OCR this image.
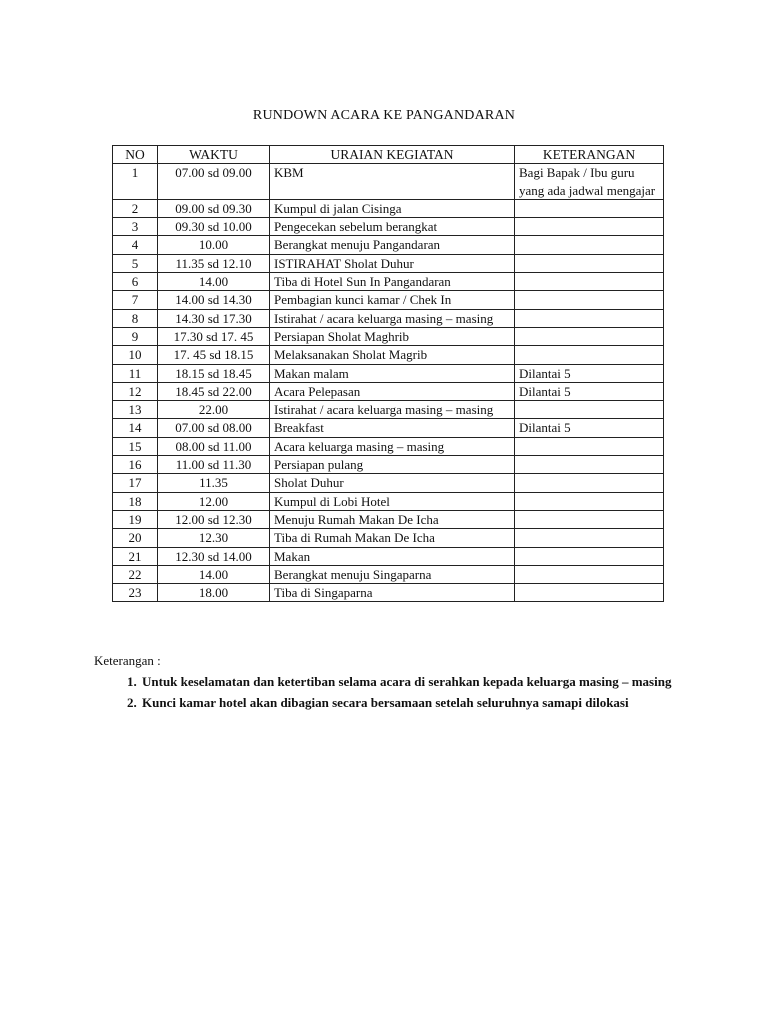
RUNDOWN ACARA KE PANGANDARAN
NO	WAKTU	URAIAN KEGIATAN	KETERANGAN
1	07.00 sd 09.00	KBM	Bagi Bapak / Ibu guru yang ada jadwal mengajar
2	09.00 sd 09.30	Kumpul di jalan Cisinga	
3	09.30 sd 10.00	Pengecekan sebelum berangkat	
4	10.00	Berangkat menuju Pangandaran	
5	11.35 sd 12.10	ISTIRAHAT Sholat Duhur	
6	14.00	Tiba di Hotel Sun In Pangandaran	
7	14.00 sd 14.30	Pembagian kunci kamar / Chek In	
8	14.30 sd 17.30	Istirahat / acara keluarga masing – masing	
9	17.30 sd 17. 45	Persiapan Sholat Maghrib	
10	17. 45 sd 18.15	Melaksanakan Sholat Magrib	
11	18.15 sd 18.45	Makan malam	Dilantai 5
12	18.45 sd 22.00	Acara Pelepasan	Dilantai 5
13	22.00	Istirahat / acara keluarga masing – masing	
14	07.00 sd 08.00	Breakfast	Dilantai 5
15	08.00 sd 11.00	Acara keluarga masing – masing	
16	11.00 sd 11.30	Persiapan pulang	
17	11.35	Sholat Duhur	
18	12.00	Kumpul di Lobi Hotel	
19	12.00 sd 12.30	Menuju Rumah Makan De Icha	
20	12.30	Tiba di Rumah Makan De Icha	
21	12.30 sd 14.00	Makan	
22	14.00	Berangkat menuju Singaparna	
23	18.00	Tiba di Singaparna	
Keterangan :
1. Untuk keselamatan dan ketertiban selama acara di serahkan kepada keluarga masing – masing
2. Kunci kamar hotel akan dibagian secara bersamaan setelah seluruhnya samapi dilokasi
